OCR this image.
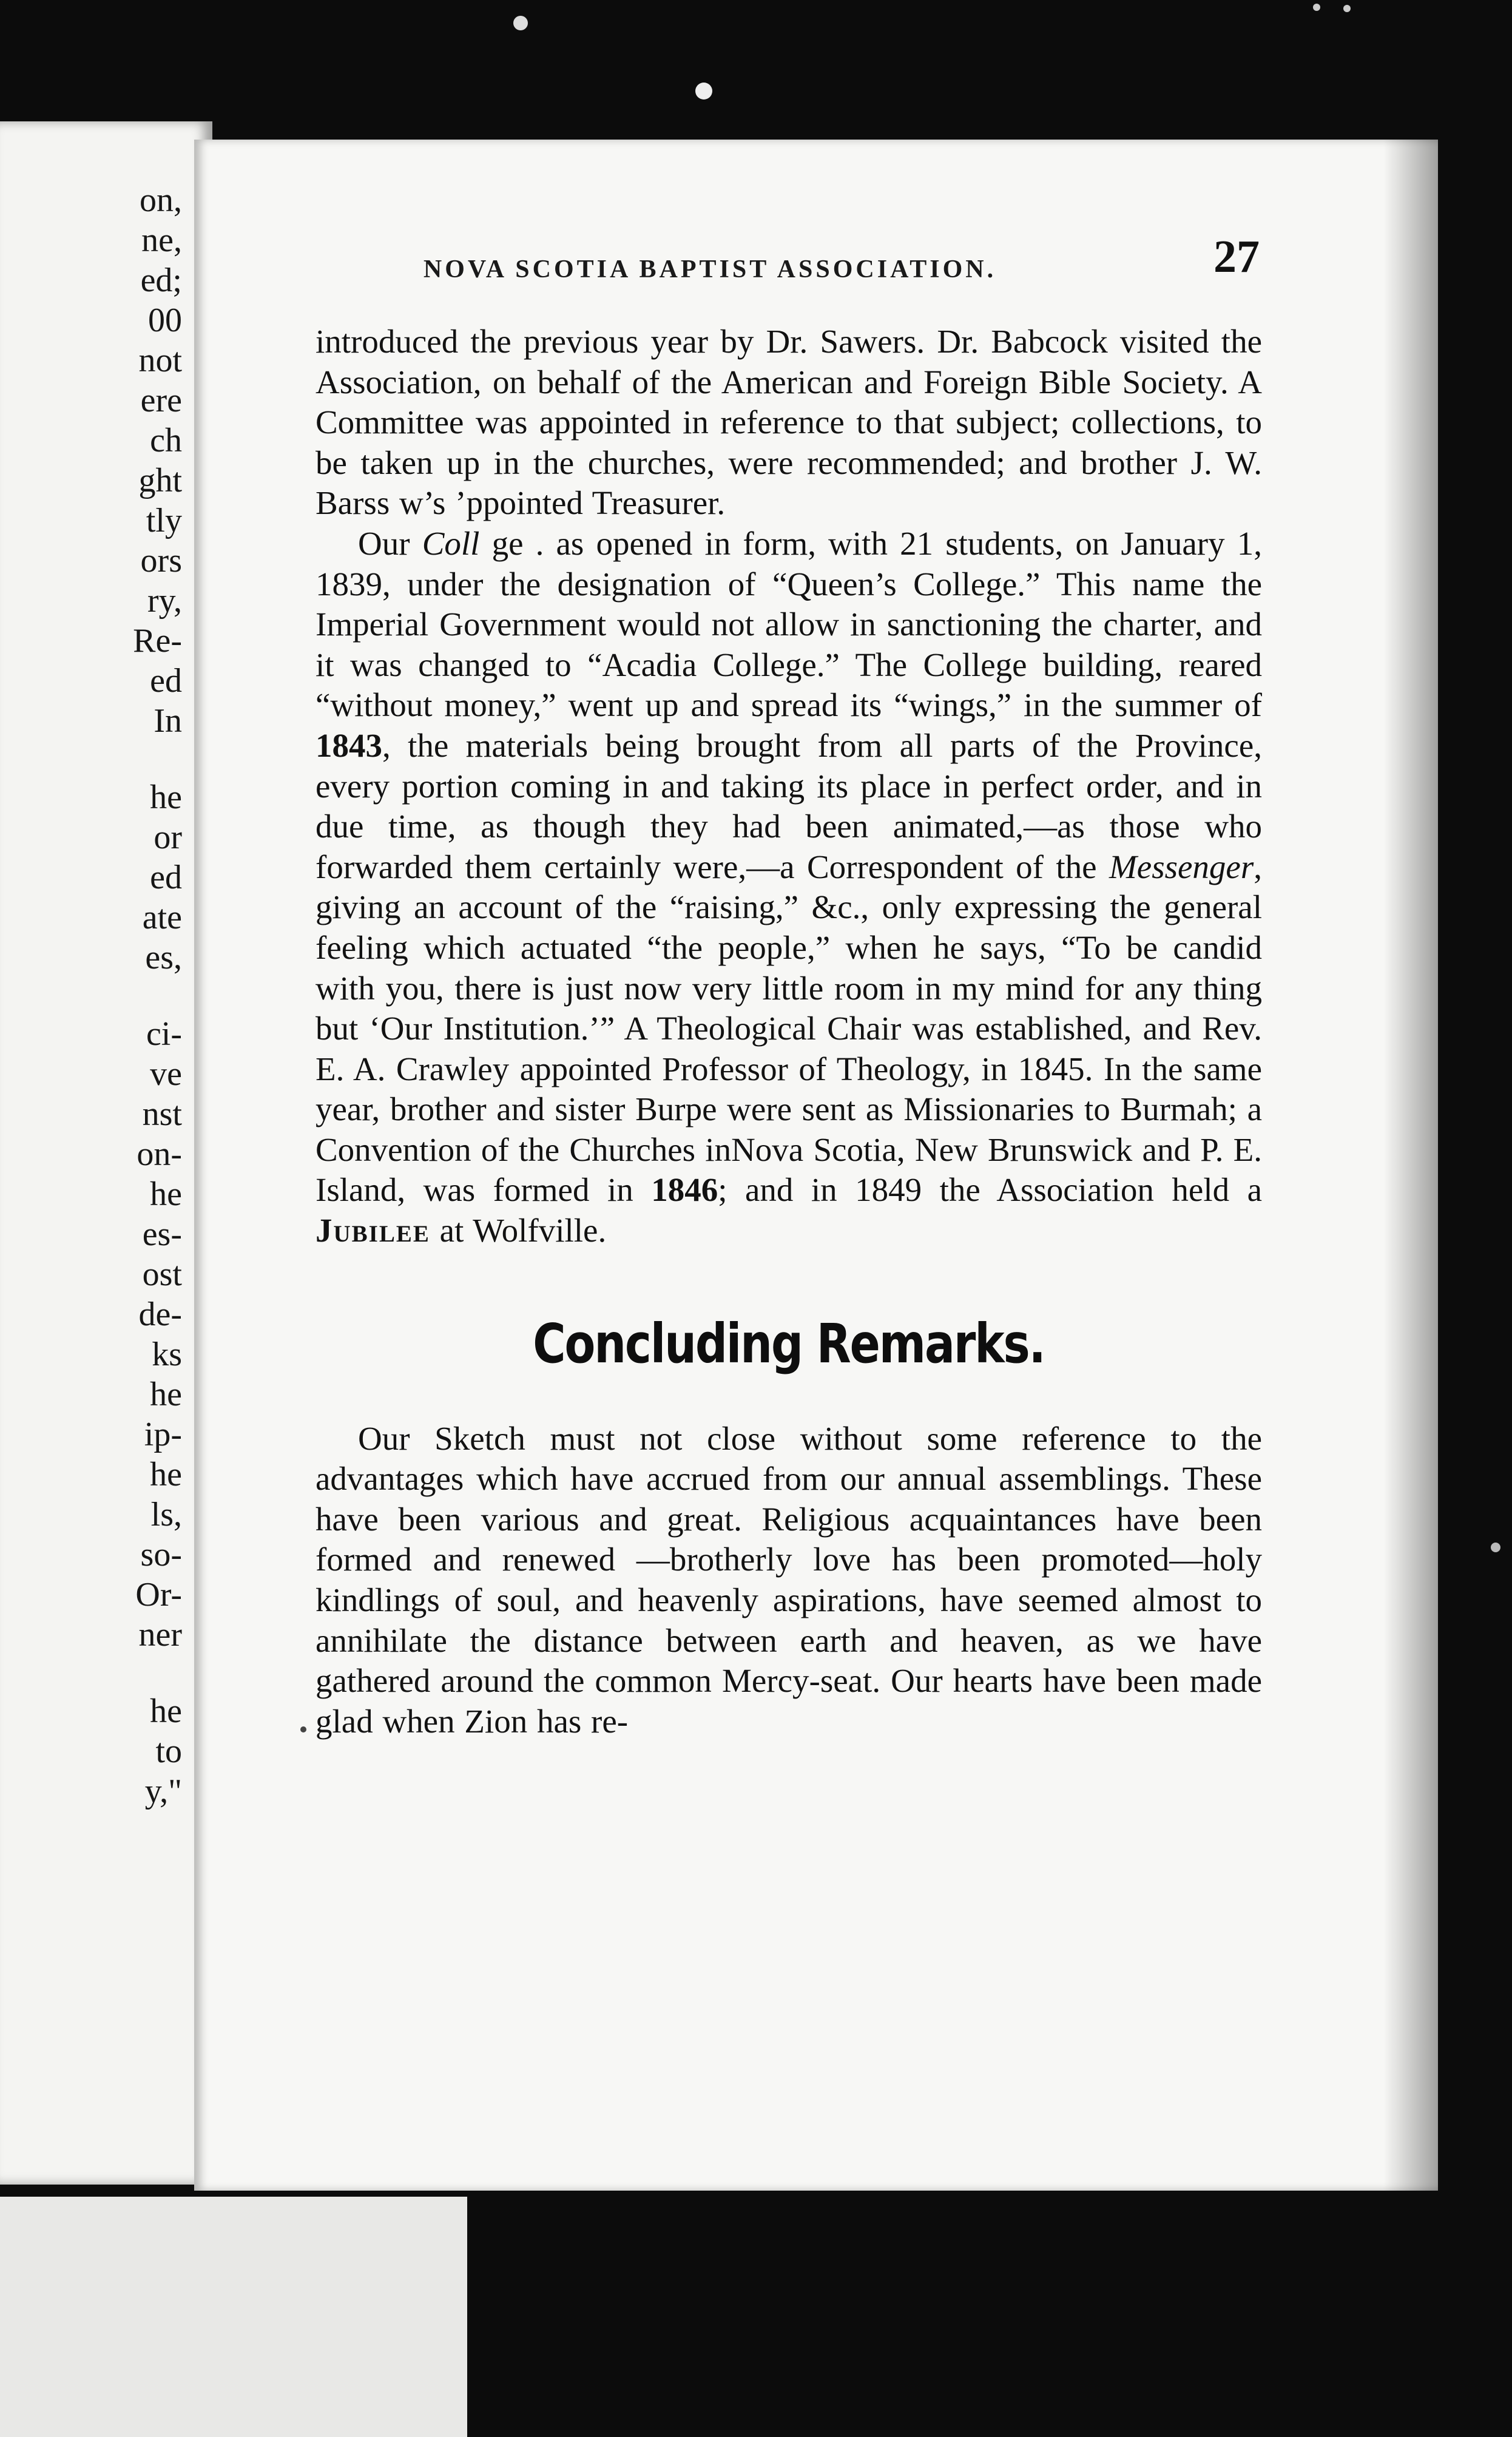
on,
ne,
ed;
00
not
ere
ch
ght
tly
ors
ry,
Re-
ed
In
he
or
ed
ate
es,
ci-
ve
nst
on-
he
es-
ost
de-
ks
he
ip-
he
ls,
so-
Or-
ner
he
to
y,"
NOVA SCOTIA BAPTIST ASSOCIATION.	27

introduced the previous year by Dr. Sawers. Dr. Babcock visited the Association, on behalf of the American and Foreign Bible Society. A Committee was appointed in reference to that subject; collections, to be taken up in the churches, were recommended; and brother J. W. Barss w’s ’ppointed Treasurer.

Our Coll ge . as opened in form, with 21 students, on January 1, 1839, under the designation of “Queen’s College.” This name the Imperial Government would not allow in sanctioning the charter, and it was changed to “Acadia College.” The College building, reared “without money,” went up and spread its “wings,” in the summer of 1843, the materials being brought from all parts of the Province, every portion coming in and taking its place in perfect order, and in due time, as though they had been animated,—as those who forwarded them certainly were,—a Correspondent of the Messenger, giving an account of the “raising,” &c., only expressing the general feeling which actuated “the people,” when he says, “To be candid with you, there is just now very little room in my mind for any thing but ‘Our Institution.’” A Theological Chair was established, and Rev. E. A. Crawley appointed Professor of Theology, in 1845. In the same year, brother and sister Burpe were sent as Missionaries to Burmah; a Convention of the Churches inNova Scotia, New Brunswick and P. E. Island, was formed in 1846; and in 1849 the Association held a Jubilee at Wolfville.

Concluding Remarks.

Our Sketch must not close without some reference to the advantages which have accrued from our annual assemblings. These have been various and great. Religious acquaintances have been formed and renewed —brotherly love has been promoted—holy kindlings of soul, and heavenly aspirations, have seemed almost to annihilate the distance between earth and heaven, as we have gathered around the common Mercy-seat. Our hearts have been made glad when Zion has re-
